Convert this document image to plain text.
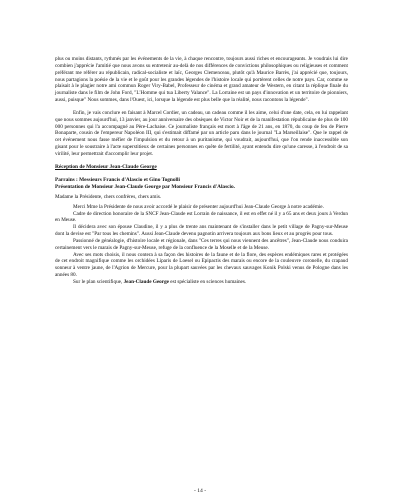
plus ou moins distants, rythmés par les événements de la vie, à chaque rencontre, toujours aussi riches et encourageants. Je voudrais lui dire combien j'apprécie l'amitié que nous avons su entretenir au-delà de nos différences de convictions philosophiques ou religieuses et comment préférant me référer au républicain, radical-socialiste et laïc, Georges Clemenceau, plutôt qu'à Maurice Barrès, j'ai apprécié que, toujours, nous partagions la poésie de la vie et le goût pour les grandes légendes de l'histoire locale qui portèrent celles de notre pays. Car, comme se plaisait à le plagier notre ami commun Roger Viry-Babel, Professeur de cinéma et grand amateur de Western, en citant la réplique finale du journaliste dans le film de John Ford, "L'Homme qui tua Liberty Valance". La Lorraine est un pays d'innovation et un territoire de pionniers, aussi, puisque" Nous sommes, dans l'Ouest, ici, lorsque la légende est plus belle que la réalité, nous racontons la légende".

Enfin, je vais conclure en faisant à Marcel Cordier, un cadeau, un cadeau comme il les aime, celui d'une date, cela, en lui rappelant que nous sommes aujourd'hui, 13 janvier, au jour anniversaire des obsèques de Victor Noir et de la manifestation républicaine de plus de 100 000 personnes qui l'a accompagné au Père-Lachaise. Ce journaliste français est mort à l'âge de 21 ans, en 1870, du coup de feu de Pierre Bonaparte, cousin de l'empereur Napoléon III, qui s'estimait diffamé par un article paru dans le journal "La Marseillaise". Que le rappel de cet événement nous fasse méfier de l'impulsion et du retour à un puritanisme, qui voudrait, aujourd'hui, que l'on rende inaccessible son gisant pour le soustraire à l'acte superstitieux de certaines personnes en quête de fertilité, ayant entendu dire qu'une caresse, à l'endroit de sa virilité, leur permettrait d'accomplir leur projet.

Réception de Monsieur Jean-Claude George

Parrains : Messieurs Francis d'Alascio et Gino Tognolli

Présentation de Monsieur Jean-Claude George par Monsieur Francis d'Alascio.

Madame la Présidente, chers confrères, chers amis.

Merci Mme la Présidente de nous avoir accordé le plaisir de présenter aujourd'hui Jean-Claude George à notre académie.

Cadre de direction honoraire de la SNCF Jean-Claude est Lorrain de naissance, il est en effet né il y a 65 ans et deux jours à Verdun en Meuse.

Il décidera avec son épouse Claudine, il y a plus de trente ans maintenant de s'installer dans le petit village de Pagny-sur-Meuse dont la devise est "Par tous les chemins". Aussi Jean-Claude devenu pagnotin arrivera toujours aux bons lieux et au progrès pour tous.

Passionné de généalogie, d'histoire locale et régionale, dans "Ces terres qui nous viennent des ancêtres", Jean-Claude nous conduira certainement vers le marais de Pagny-sur-Meuse, refuge de la confluence de la Moselle et de la Meuse.

Avec ses mots choisis, il nous contera à sa façon des histoires de la faune et de la flore, des espèces endémiques rares et protégées de cet endroit magnifique comme les orchidées Liparis de Loesel ou Epipactis des marais ou encore de la couleuvre coronelle, du crapaud sonneur à ventre jaune, de l'Agrion de Mercure, pour la plupart sauvées par les chevaux sauvages Konik Polski venus de Pologne dans les années 80.

Sur le plan scientifique, Jean-Claude George est spécialiste en sciences humaines.

- 14 -
